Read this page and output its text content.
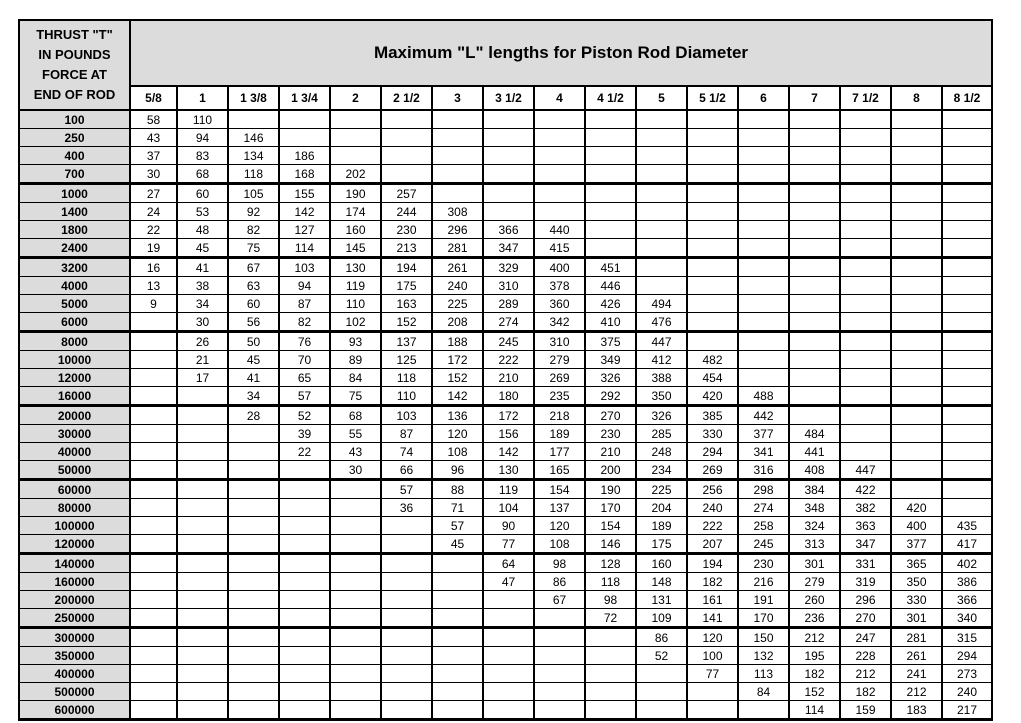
THRUST "T"
IN POUNDS
FORCE AT
END OF ROD	Maximum "L" lengths for Piston Rod Diameter																
	5/8	1	1 3/8	1 3/4	2	2 1/2	3	3 1/2	4	4 1/2	5	5 1/2	6	7	7 1/2	8	8 1/2
100	58	110															
250	43	94	146														
400	37	83	134	186													
700	30	68	118	168	202												
1000	27	60	105	155	190	257											
1400	24	53	92	142	174	244	308										
1800	22	48	82	127	160	230	296	366	440								
2400	19	45	75	114	145	213	281	347	415								
3200	16	41	67	103	130	194	261	329	400	451							
4000	13	38	63	94	119	175	240	310	378	446							
5000	9	34	60	87	110	163	225	289	360	426	494						
6000		30	56	82	102	152	208	274	342	410	476						
8000		26	50	76	93	137	188	245	310	375	447						
10000		21	45	70	89	125	172	222	279	349	412	482					
12000		17	41	65	84	118	152	210	269	326	388	454					
16000			34	57	75	110	142	180	235	292	350	420	488				
20000			28	52	68	103	136	172	218	270	326	385	442				
30000				39	55	87	120	156	189	230	285	330	377	484			
40000				22	43	74	108	142	177	210	248	294	341	441			
50000					30	66	96	130	165	200	234	269	316	408	447		
60000						57	88	119	154	190	225	256	298	384	422		
80000						36	71	104	137	170	204	240	274	348	382	420	
100000							57	90	120	154	189	222	258	324	363	400	435
120000							45	77	108	146	175	207	245	313	347	377	417
140000								64	98	128	160	194	230	301	331	365	402
160000								47	86	118	148	182	216	279	319	350	386
200000									67	98	131	161	191	260	296	330	366
250000										72	109	141	170	236	270	301	340
300000											86	120	150	212	247	281	315
350000											52	100	132	195	228	261	294
400000												77	113	182	212	241	273
500000													84	152	182	212	240
600000														114	159	183	217
